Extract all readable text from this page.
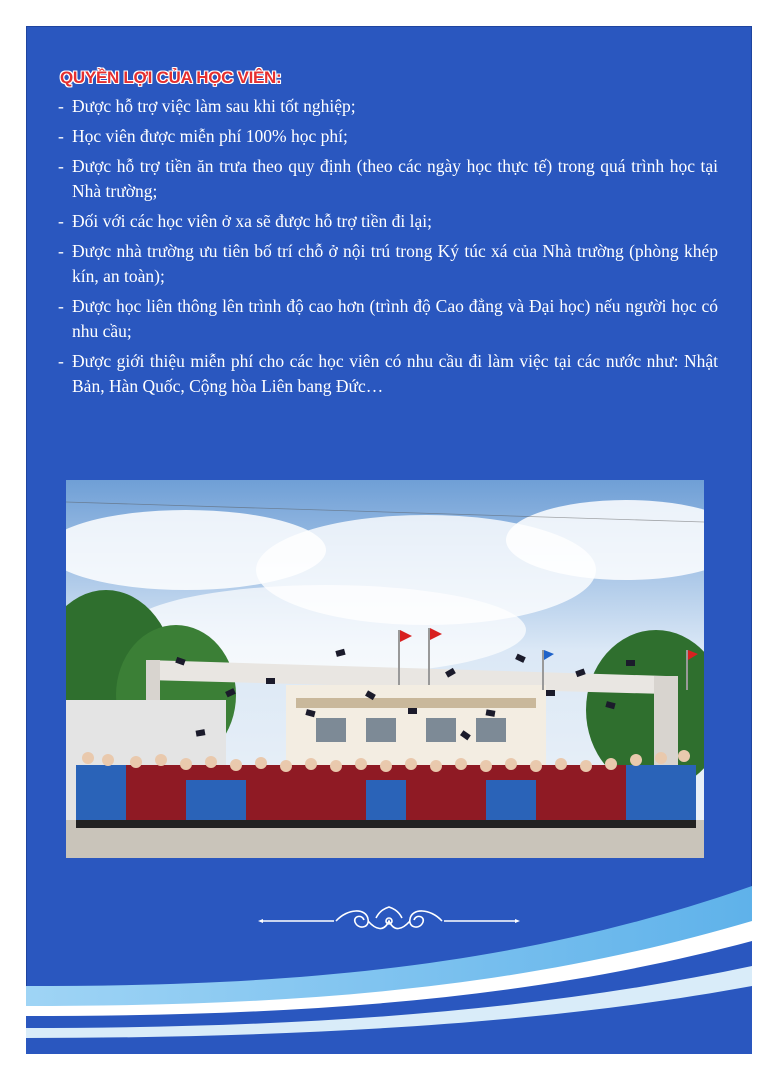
QUYỀN LỢI CỦA HỌC VIÊN:
- Được hỗ trợ việc làm sau khi tốt nghiệp;
- Học viên được miễn phí 100% học phí;
- Được hỗ trợ tiền ăn trưa theo quy định (theo các ngày học thực tế) trong quá trình học tại Nhà trường;
- Đối với các học viên ở xa sẽ được hỗ trợ tiền đi lại;
- Được nhà trường ưu tiên bố trí chỗ ở nội trú trong Ký túc xá của Nhà trường (phòng khép kín, an toàn);
- Được học liên thông lên trình độ cao hơn (trình độ Cao đẳng và Đại học) nếu người học có nhu cầu;
- Được giới thiệu miễn phí cho các học viên có nhu cầu đi làm việc tại các nước như: Nhật Bản, Hàn Quốc, Cộng hòa Liên bang Đức…
